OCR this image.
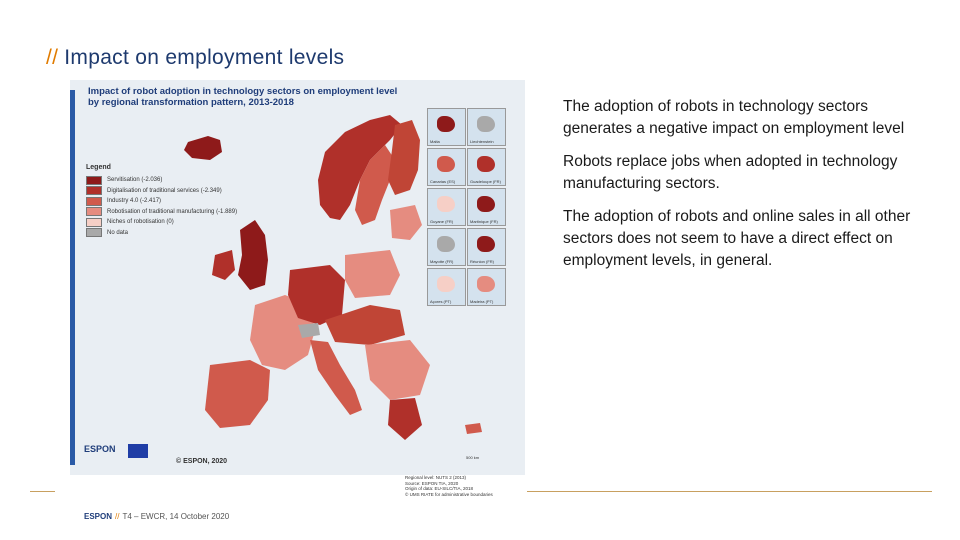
// Impact on employment levels
Impact of robot adoption in technology sectors on employment level
by regional transformation pattern, 2013-2018
Legend
Servitisation (-2.036)
Digitalisation of traditional services (-2.349)
Industry 4.0 (-2.417)
Robotisation of traditional manufacturing (-1.889)
Niches of robotisation (0)
No data
Malta	Liechtenstein
Canarias (ES)	Guadeloupe (FR)
Guyane (FR)	Martinique (FR)
Mayotte (FR)	Réunion (FR)
Açores (PT)	Madeira (PT)
ESPON
© ESPON, 2020
500 km
Regional level: NUTS 2 (2013)
Source: ESPON TIA, 2020
Origin of data: EU-SILC/TIA, 2018
© UMS RIATE for administrative boundaries

The adoption of robots in technology sectors generates a negative impact on employment level

Robots replace jobs when adopted in technology manufacturing sectors.

The adoption of robots and online sales in all other sectors does not seem to have a direct effect on employment levels, in general.

ESPON // T4 – EWCR, 14 October 2020
